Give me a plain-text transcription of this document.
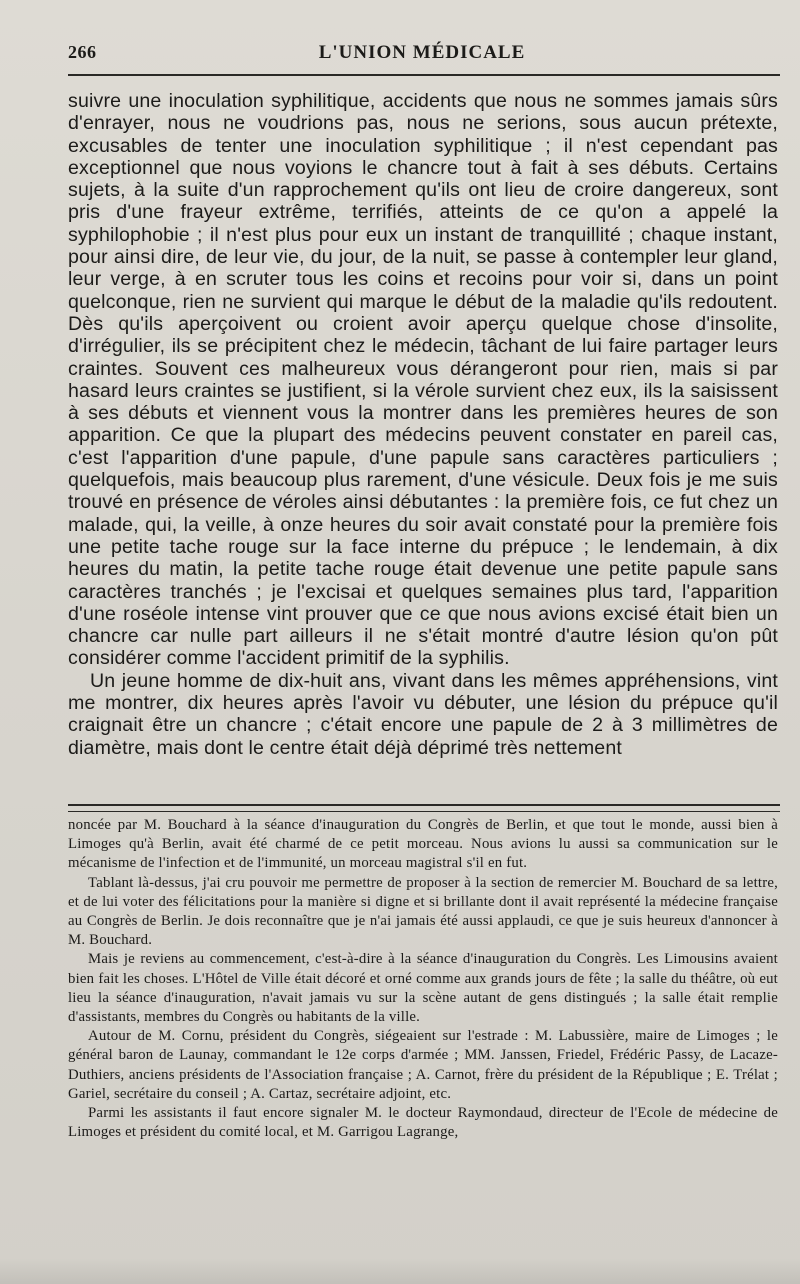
266	L'UNION MÉDICALE

suivre une inoculation syphilitique, accidents que nous ne sommes jamais sûrs d'enrayer, nous ne voudrions pas, nous ne serions, sous aucun prétexte, excusables de tenter une inoculation syphilitique ; il n'est cependant pas exceptionnel que nous voyions le chancre tout à fait à ses débuts. Certains sujets, à la suite d'un rapprochement qu'ils ont lieu de croire dangereux, sont pris d'une frayeur extrême, terrifiés, atteints de ce qu'on a appelé la syphilophobie ; il n'est plus pour eux un instant de tranquillité ; chaque instant, pour ainsi dire, de leur vie, du jour, de la nuit, se passe à contempler leur gland, leur verge, à en scruter tous les coins et recoins pour voir si, dans un point quelconque, rien ne survient qui marque le début de la maladie qu'ils redoutent. Dès qu'ils aperçoivent ou croient avoir aperçu quelque chose d'insolite, d'irrégulier, ils se précipitent chez le médecin, tâchant de lui faire partager leurs craintes. Souvent ces malheureux vous dérangeront pour rien, mais si par hasard leurs craintes se justifient, si la vérole survient chez eux, ils la saisissent à ses débuts et viennent vous la montrer dans les premières heures de son apparition. Ce que la plupart des médecins peuvent constater en pareil cas, c'est l'apparition d'une papule, d'une papule sans caractères particuliers ; quelquefois, mais beaucoup plus rarement, d'une vésicule. Deux fois je me suis trouvé en présence de véroles ainsi débutantes : la première fois, ce fut chez un malade, qui, la veille, à onze heures du soir avait constaté pour la première fois une petite tache rouge sur la face interne du prépuce ; le lendemain, à dix heures du matin, la petite tache rouge était devenue une petite papule sans caractères tranchés ; je l'excisai et quelques semaines plus tard, l'apparition d'une roséole intense vint prouver que ce que nous avions excisé était bien un chancre car nulle part ailleurs il ne s'était montré d'autre lésion qu'on pût considérer comme l'accident primitif de la syphilis.

Un jeune homme de dix-huit ans, vivant dans les mêmes appréhensions, vint me montrer, dix heures après l'avoir vu débuter, une lésion du prépuce qu'il craignait être un chancre ; c'était encore une papule de 2 à 3 millimètres de diamètre, mais dont le centre était déjà déprimé très nettement

noncée par M. Bouchard à la séance d'inauguration du Congrès de Berlin, et que tout le monde, aussi bien à Limoges qu'à Berlin, avait été charmé de ce petit morceau. Nous avions lu aussi sa communication sur le mécanisme de l'infection et de l'immunité, un morceau magistral s'il en fut.

Tablant là-dessus, j'ai cru pouvoir me permettre de proposer à la section de remercier M. Bouchard de sa lettre, et de lui voter des félicitations pour la manière si digne et si brillante dont il avait représenté la médecine française au Congrès de Berlin. Je dois reconnaître que je n'ai jamais été aussi applaudi, ce que je suis heureux d'annoncer à M. Bouchard.

Mais je reviens au commencement, c'est-à-dire à la séance d'inauguration du Congrès. Les Limousins avaient bien fait les choses. L'Hôtel de Ville était décoré et orné comme aux grands jours de fête ; la salle du théâtre, où eut lieu la séance d'inauguration, n'avait jamais vu sur la scène autant de gens distingués ; la salle était remplie d'assistants, membres du Congrès ou habitants de la ville.

Autour de M. Cornu, président du Congrès, siégeaient sur l'estrade : M. Labussière, maire de Limoges ; le général baron de Launay, commandant le 12e corps d'armée ; MM. Janssen, Friedel, Frédéric Passy, de Lacaze-Duthiers, anciens présidents de l'Association française ; A. Carnot, frère du président de la République ; E. Trélat ; Gariel, secrétaire du conseil ; A. Cartaz, secrétaire adjoint, etc.

Parmi les assistants il faut encore signaler M. le docteur Raymondaud, directeur de l'Ecole de médecine de Limoges et président du comité local, et M. Garrigou Lagrange,
